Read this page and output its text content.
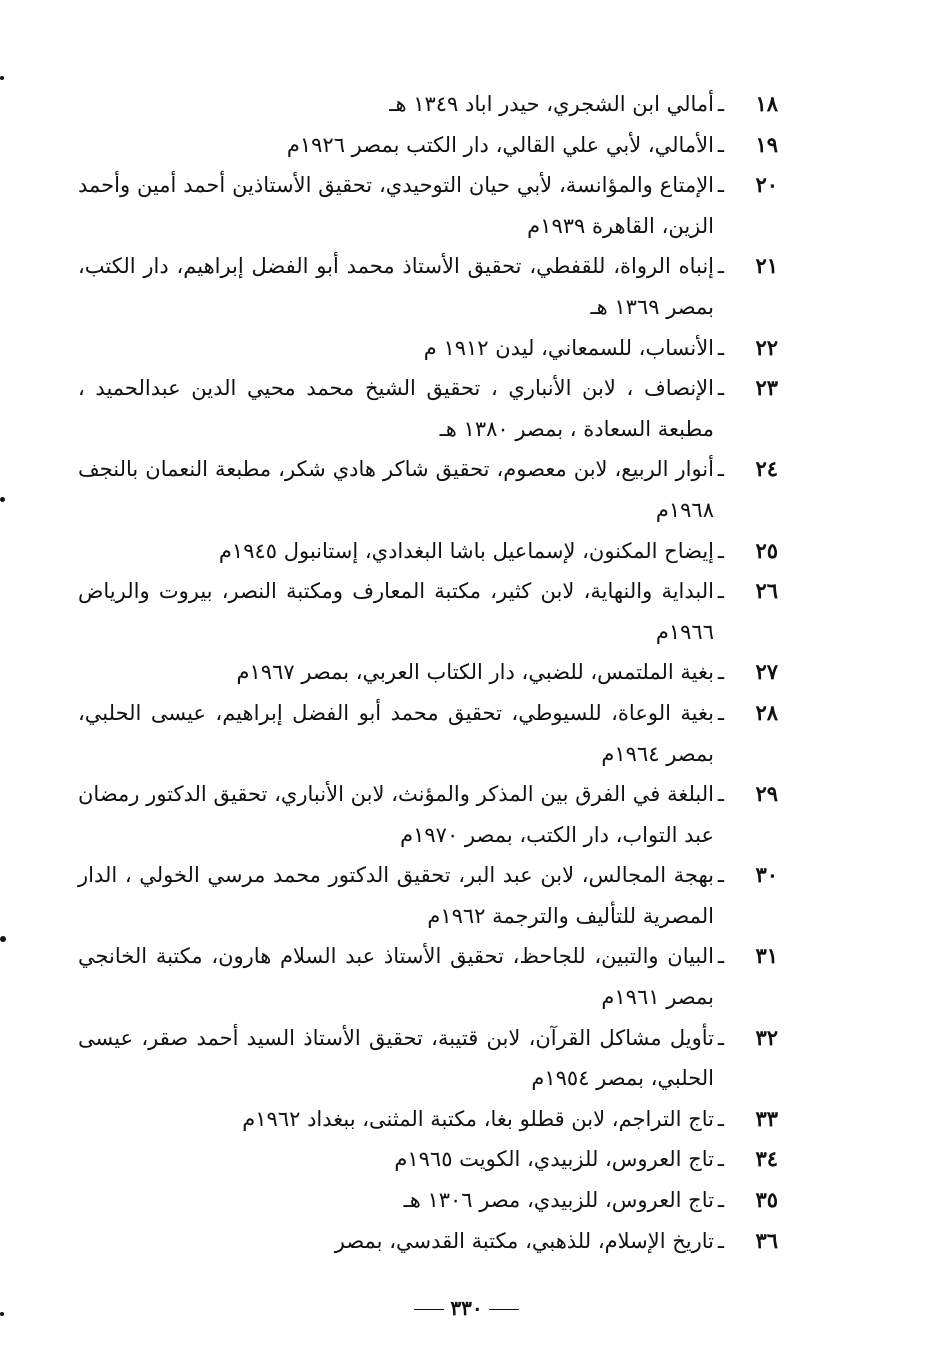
١٨
ـ
أمالي ابن الشجري، حيدر اباد ١٣٤٩ هـ
١٩
ـ
الأمالي، لأبي علي القالي، دار الكتب بمصر ١٩٢٦م
٢٠
ـ
الإمتاع والمؤانسة، لأبي حيان التوحيدي، تحقيق الأستاذين أحمد أمين وأحمد الزين، القاهرة ١٩٣٩م
٢١
ـ
إنباه الرواة، للقفطي، تحقيق الأستاذ محمد أبو الفضل إبراهيم، دار الكتب، بمصر ١٣٦٩ هـ
٢٢
ـ
الأنساب، للسمعاني، ليدن ١٩١٢ م
٢٣
ـ
الإنصاف ، لابن الأنباري ، تحقيق الشيخ محمد محيي الدين عبدالحميد ، مطبعة السعادة ، بمصر ١٣٨٠ هـ
٢٤
ـ
أنوار الربيع، لابن معصوم، تحقيق شاكر هادي شكر، مطبعة النعمان بالنجف ١٩٦٨م
٢٥
ـ
إيضاح المكنون، لإسماعيل باشا البغدادي، إستانبول ١٩٤٥م
٢٦
ـ
البداية والنهاية، لابن كثير، مكتبة المعارف ومكتبة النصر، بيروت والرياض ١٩٦٦م
٢٧
ـ
بغية الملتمس، للضبي، دار الكتاب العربي، بمصر ١٩٦٧م
٢٨
ـ
بغية الوعاة، للسيوطي، تحقيق محمد أبو الفضل إبراهيم، عيسى الحلبي، بمصر ١٩٦٤م
٢٩
ـ
البلغة في الفرق بين المذكر والمؤنث، لابن الأنباري، تحقيق الدكتور رمضان عبد التواب، دار الكتب، بمصر ١٩٧٠م
٣٠
ـ
بهجة المجالس، لابن عبد البر، تحقيق الدكتور محمد مرسي الخولي ، الدار المصرية للتأليف والترجمة ١٩٦٢م
٣١
ـ
البيان والتبين، للجاحظ، تحقيق الأستاذ عبد السلام هارون، مكتبة الخانجي بمصر ١٩٦١م
٣٢
ـ
تأويل مشاكل القرآن، لابن قتيبة، تحقيق الأستاذ السيد أحمد صقر، عيسى الحلبي، بمصر ١٩٥٤م
٣٣
ـ
تاج التراجم، لابن قطلو بغا، مكتبة المثنى، ببغداد ١٩٦٢م
٣٤
ـ
تاج العروس، للزبيدي، الكويت ١٩٦٥م
٣٥
ـ
تاج العروس، للزبيدي، مصر ١٣٠٦ هـ
٣٦
ـ
تاريخ الإسلام، للذهبي، مكتبة القدسي، بمصر
٣٣٠
